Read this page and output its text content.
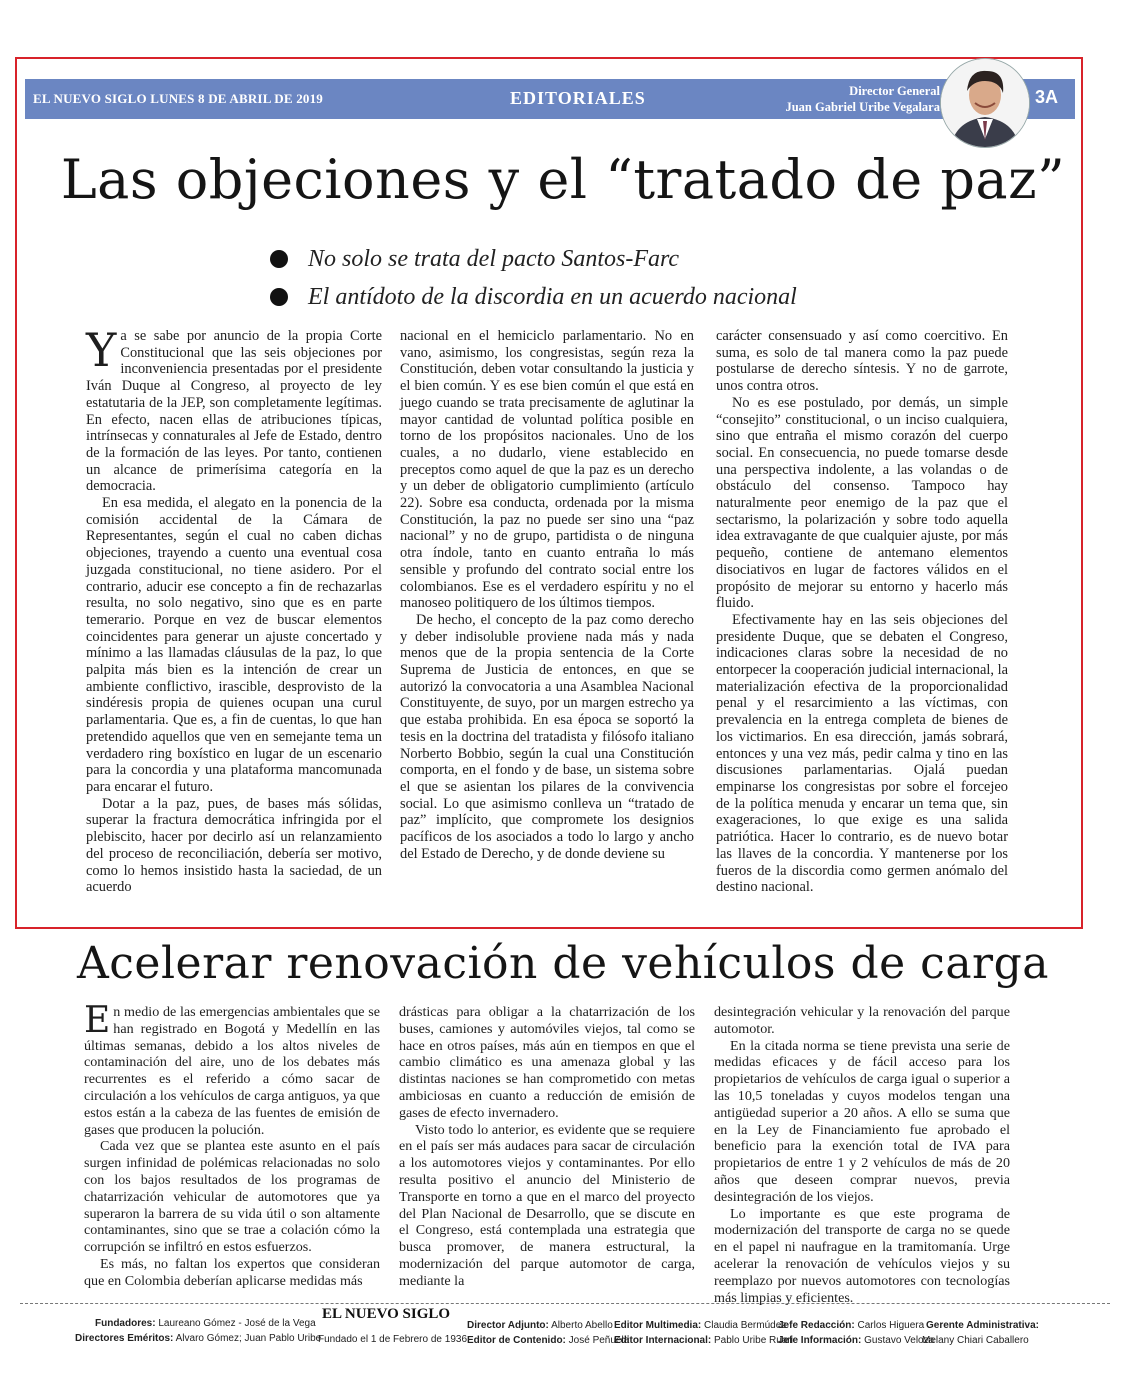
EL NUEVO SIGLO LUNES 8 DE ABRIL DE 2019	EDITORIALES	Director General
Juan Gabriel Uribe Vegalara	3A
Las objeciones y el “tratado de paz”
No solo se trata del pacto Santos-Farc
El antídoto de la discordia en un acuerdo nacional

Ya se sabe por anuncio de la propia Corte Constitucional que las seis objeciones por inconveniencia presentadas por el presidente Iván Duque al Congreso, al proyecto de ley estatutaria de la JEP, son completamente legítimas. En efecto, nacen ellas de atribuciones típicas, intrínsecas y connaturales al Jefe de Estado, dentro de la formación de las leyes. Por tanto, contienen un alcance de primerísima categoría en la democracia.

En esa medida, el alegato en la ponencia de la comisión accidental de la Cámara de Representantes, según el cual no caben dichas objeciones, trayendo a cuento una eventual cosa juzgada constitucional, no tiene asidero. Por el contrario, aducir ese concepto a fin de rechazarlas resulta, no solo negativo, sino que es en parte temerario. Porque en vez de buscar elementos coincidentes para generar un ajuste concertado y mínimo a las llamadas cláusulas de la paz, lo que palpita más bien es la intención de crear un ambiente conflictivo, irascible, desprovisto de la sindéresis propia de quienes ocupan una curul parlamentaria. Que es, a fin de cuentas, lo que han pretendido aquellos que ven en semejante tema un verdadero ring boxístico en lugar de un escenario para la concordia y una plataforma mancomunada para encarar el futuro.

Dotar a la paz, pues, de bases más sólidas, superar la fractura democrática infringida por el plebiscito, hacer por decirlo así un relanzamiento del proceso de reconciliación, debería ser motivo, como lo hemos insistido hasta la saciedad, de un acuerdo

nacional en el hemiciclo parlamentario. No en vano, asimismo, los congresistas, según reza la Constitución, deben votar consultando la justicia y el bien común. Y es ese bien común el que está en juego cuando se trata precisamente de aglutinar la mayor cantidad de voluntad política posible en torno de los propósitos nacionales. Uno de los cuales, a no dudarlo, viene establecido en preceptos como aquel de que la paz es un derecho y un deber de obligatorio cumplimiento (artículo 22). Sobre esa conducta, ordenada por la misma Constitución, la paz no puede ser sino una “paz nacional” y no de grupo, partidista o de ninguna otra índole, tanto en cuanto entraña lo más sensible y profundo del contrato social entre los colombianos. Ese es el verdadero espíritu y no el manoseo politiquero de los últimos tiempos.

De hecho, el concepto de la paz como derecho y deber indisoluble proviene nada más y nada menos que de la propia sentencia de la Corte Suprema de Justicia de entonces, en que se autorizó la convocatoria a una Asamblea Nacional Constituyente, de suyo, por un margen estrecho ya que estaba prohibida. En esa época se soportó la tesis en la doctrina del tratadista y filósofo italiano Norberto Bobbio, según la cual una Constitución comporta, en el fondo y de base, un sistema sobre el que se asientan los pilares de la convivencia social. Lo que asimismo conlleva un “tratado de paz” implícito, que compromete los designios pacíficos de los asociados a todo lo largo y ancho del Estado de Derecho, y de donde deviene su

carácter consensuado y así como coercitivo. En suma, es solo de tal manera como la paz puede postularse de derecho síntesis. Y no de garrote, unos contra otros.

No es ese postulado, por demás, un simple “consejito” constitucional, o un inciso cualquiera, sino que entraña el mismo corazón del cuerpo social. En consecuencia, no puede tomarse desde una perspectiva indolente, a las volandas o de obstáculo del consenso. Tampoco hay naturalmente peor enemigo de la paz que el sectarismo, la polarización y sobre todo aquella idea extravagante de que cualquier ajuste, por más pequeño, contiene de antemano elementos disociativos en lugar de factores válidos en el propósito de mejorar su entorno y hacerlo más fluido.

Efectivamente hay en las seis objeciones del presidente Duque, que se debaten el Congreso, indicaciones claras sobre la necesidad de no entorpecer la cooperación judicial internacional, la materialización efectiva de la proporcionalidad penal y el resarcimiento a las víctimas, con prevalencia en la entrega completa de bienes de los victimarios. En esa dirección, jamás sobrará, entonces y una vez más, pedir calma y tino en las discusiones parlamentarias. Ojalá puedan empinarse los congresistas por sobre el forcejeo de la política menuda y encarar un tema que, sin exageraciones, lo que exige es una salida patriótica. Hacer lo contrario, es de nuevo botar las llaves de la concordia. Y mantenerse por los fueros de la discordia como germen anómalo del destino nacional.

Acelerar renovación de vehículos de carga

En medio de las emergencias ambientales que se han registrado en Bogotá y Medellín en las últimas semanas, debido a los altos niveles de contaminación del aire, uno de los debates más recurrentes es el referido a cómo sacar de circulación a los vehículos de carga antiguos, ya que estos están a la cabeza de las fuentes de emisión de gases que producen la polución.

Cada vez que se plantea este asunto en el país surgen infinidad de polémicas relacionadas no solo con los bajos resultados de los programas de chatarrización vehicular de automotores que ya superaron la barrera de su vida útil o son altamente contaminantes, sino que se trae a colación cómo la corrupción se infiltró en estos esfuerzos.

Es más, no faltan los expertos que consideran que en Colombia deberían aplicarse medidas más

drásticas para obligar a la chatarrización de los buses, camiones y automóviles viejos, tal como se hace en otros países, más aún en tiempos en que el cambio climático es una amenaza global y las distintas naciones se han comprometido con metas ambiciosas en cuanto a reducción de emisión de gases de efecto invernadero.

Visto todo lo anterior, es evidente que se requiere en el país ser más audaces para sacar de circulación a los automotores viejos y contaminantes. Por ello resulta positivo el anuncio del Ministerio de Transporte en torno a que en el marco del proyecto del Plan Nacional de Desarrollo, que se discute en el Congreso, está contemplada una estrategia que busca promover, de manera estructural, la modernización del parque automotor de carga, mediante la

desintegración vehicular y la renovación del parque automotor.

En la citada norma se tiene prevista una serie de medidas eficaces y de fácil acceso para los propietarios de vehículos de carga igual o superior a las 10,5 toneladas y cuyos modelos tengan una antigüedad superior a 20 años. A ello se suma que en la Ley de Financiamiento fue aprobado el beneficio para la exención total de IVA para propietarios de entre 1 y 2 vehículos de más de 20 años que deseen comprar nuevos, previa desintegración de los viejos.

Lo importante es que este programa de modernización del transporte de carga no se quede en el papel ni naufrague en la tramitomanía. Urge acelerar la renovación de vehículos viejos y su reemplazo por nuevos automotores con tecnologías más limpias y eficientes.

Fundadores: Laureano Gómez - José de la Vega
Directores Eméritos: Alvaro Gómez; Juan Pablo Uribe
EL NUEVO SIGLO
Fundado el 1 de Febrero de 1936
Director Adjunto: Alberto Abello
Editor de Contenido: José Peñuela
Editor Multimedia: Claudia Bermúdez
Editor Internacional: Pablo Uribe Ruan
Jefe Redacción: Carlos Higuera
Jefe Información: Gustavo Veloza
Gerente Administrativa:
Melany Chiari Caballero
